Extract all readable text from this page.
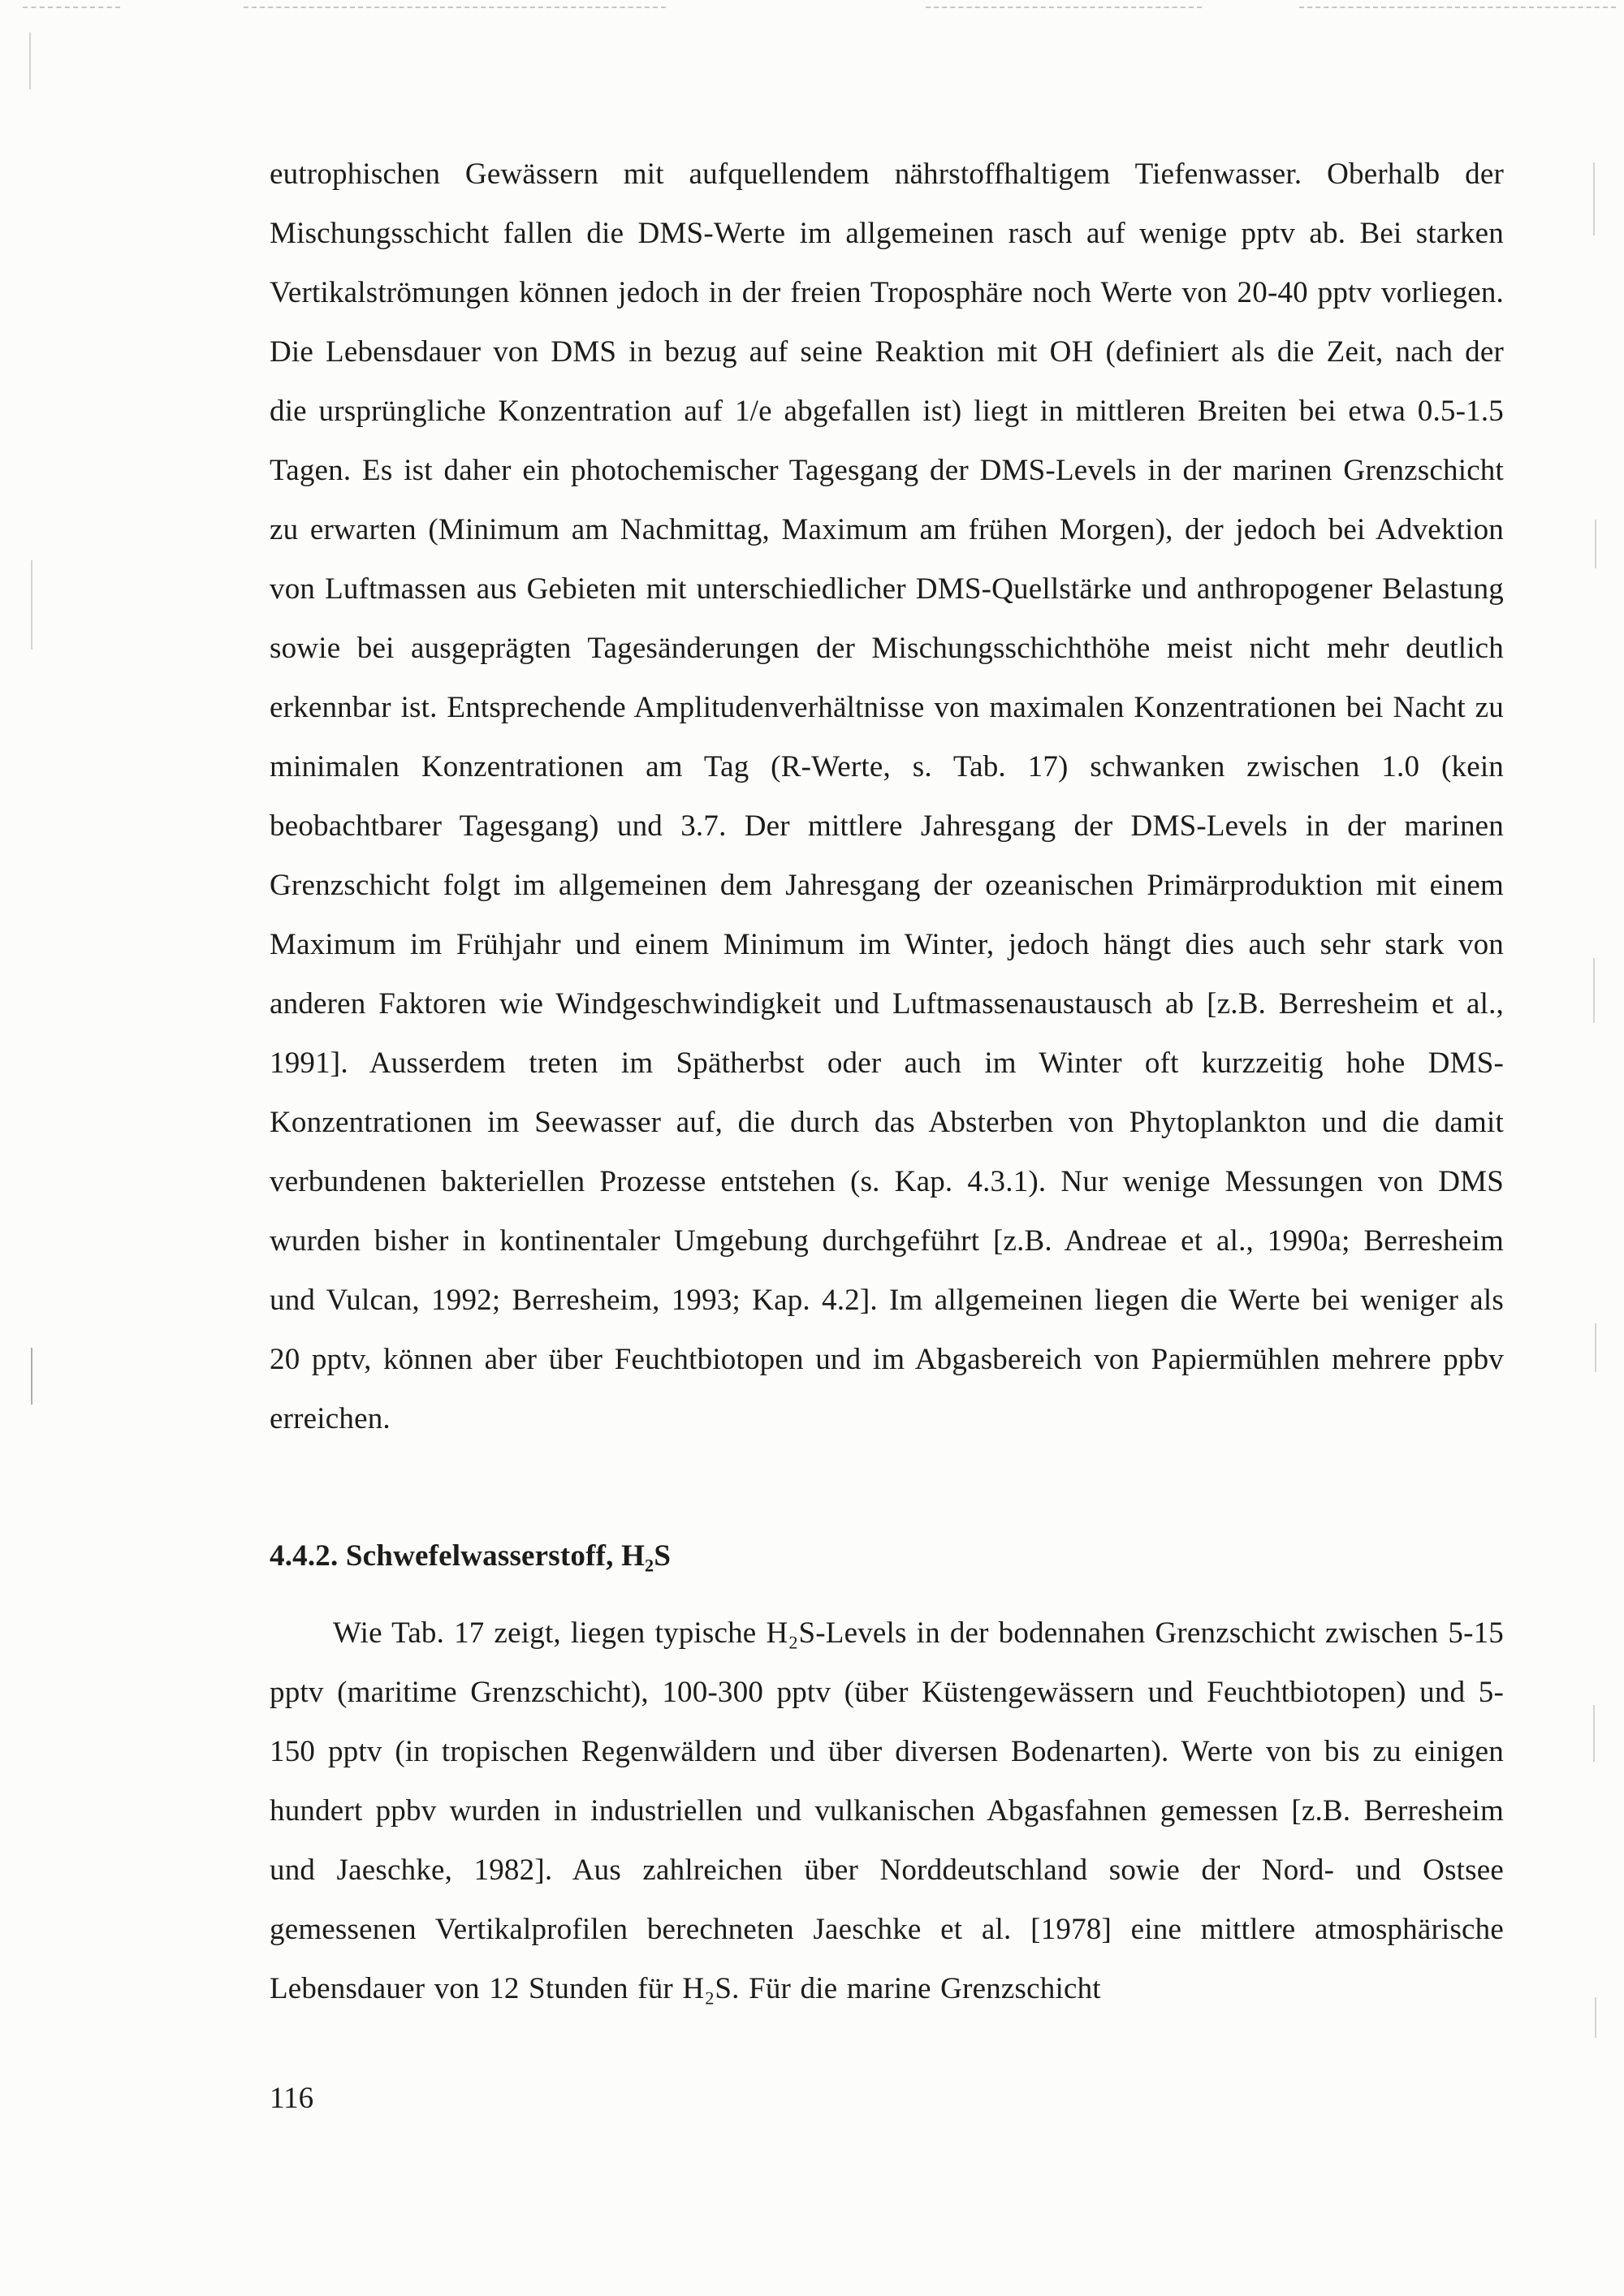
eutrophischen Gewässern mit aufquellendem nährstoffhaltigem Tiefenwasser. Oberhalb der Mischungsschicht fallen die DMS-Werte im allgemeinen rasch auf wenige pptv ab. Bei starken Vertikalströmungen können jedoch in der freien Troposphäre noch Werte von 20-40 pptv vorliegen. Die Lebensdauer von DMS in bezug auf seine Reaktion mit OH (definiert als die Zeit, nach der die ursprüngliche Konzentration auf 1/e abgefallen ist) liegt in mittleren Breiten bei etwa 0.5-1.5 Tagen. Es ist daher ein photochemischer Tagesgang der DMS-Levels in der marinen Grenzschicht zu erwarten (Minimum am Nachmittag, Maximum am frühen Morgen), der jedoch bei Advektion von Luftmassen aus Gebieten mit unterschiedlicher DMS-Quellstärke und anthropogener Belastung sowie bei ausgeprägten Tagesänderungen der Mischungsschichthöhe meist nicht mehr deutlich erkennbar ist. Entsprechende Amplitudenverhältnisse von maximalen Konzentrationen bei Nacht zu minimalen Konzentrationen am Tag (R-Werte, s. Tab. 17) schwanken zwischen 1.0 (kein beobachtbarer Tagesgang) und 3.7. Der mittlere Jahresgang der DMS-Levels in der marinen Grenzschicht folgt im allgemeinen dem Jahresgang der ozeanischen Primärproduktion mit einem Maximum im Frühjahr und einem Minimum im Winter, jedoch hängt dies auch sehr stark von anderen Faktoren wie Windgeschwindigkeit und Luftmassenaustausch ab [z.B. Berresheim et al., 1991]. Ausserdem treten im Spätherbst oder auch im Winter oft kurzzeitig hohe DMS-Konzentrationen im Seewasser auf, die durch das Absterben von Phytoplankton und die damit verbundenen bakteriellen Prozesse entstehen (s. Kap. 4.3.1). Nur wenige Messungen von DMS wurden bisher in kontinentaler Umgebung durchgeführt [z.B. Andreae et al., 1990a; Berresheim und Vulcan, 1992; Berresheim, 1993; Kap. 4.2]. Im allgemeinen liegen die Werte bei weniger als 20 pptv, können aber über Feuchtbiotopen und im Abgasbereich von Papiermühlen mehrere ppbv erreichen.

4.4.2. Schwefelwasserstoff, H₂S

Wie Tab. 17 zeigt, liegen typische H₂S-Levels in der bodennahen Grenzschicht zwischen 5-15 pptv (maritime Grenzschicht), 100-300 pptv (über Küstengewässern und Feuchtbiotopen) und 5-150 pptv (in tropischen Regenwäldern und über diversen Bodenarten). Werte von bis zu einigen hundert ppbv wurden in industriellen und vulkanischen Abgasfahnen gemessen [z.B. Berresheim und Jaeschke, 1982]. Aus zahlreichen über Norddeutschland sowie der Nord- und Ostsee gemessenen Vertikalprofilen berechneten Jaeschke et al. [1978] eine mittlere atmosphärische Lebensdauer von 12 Stunden für H₂S. Für die marine Grenzschicht

116
